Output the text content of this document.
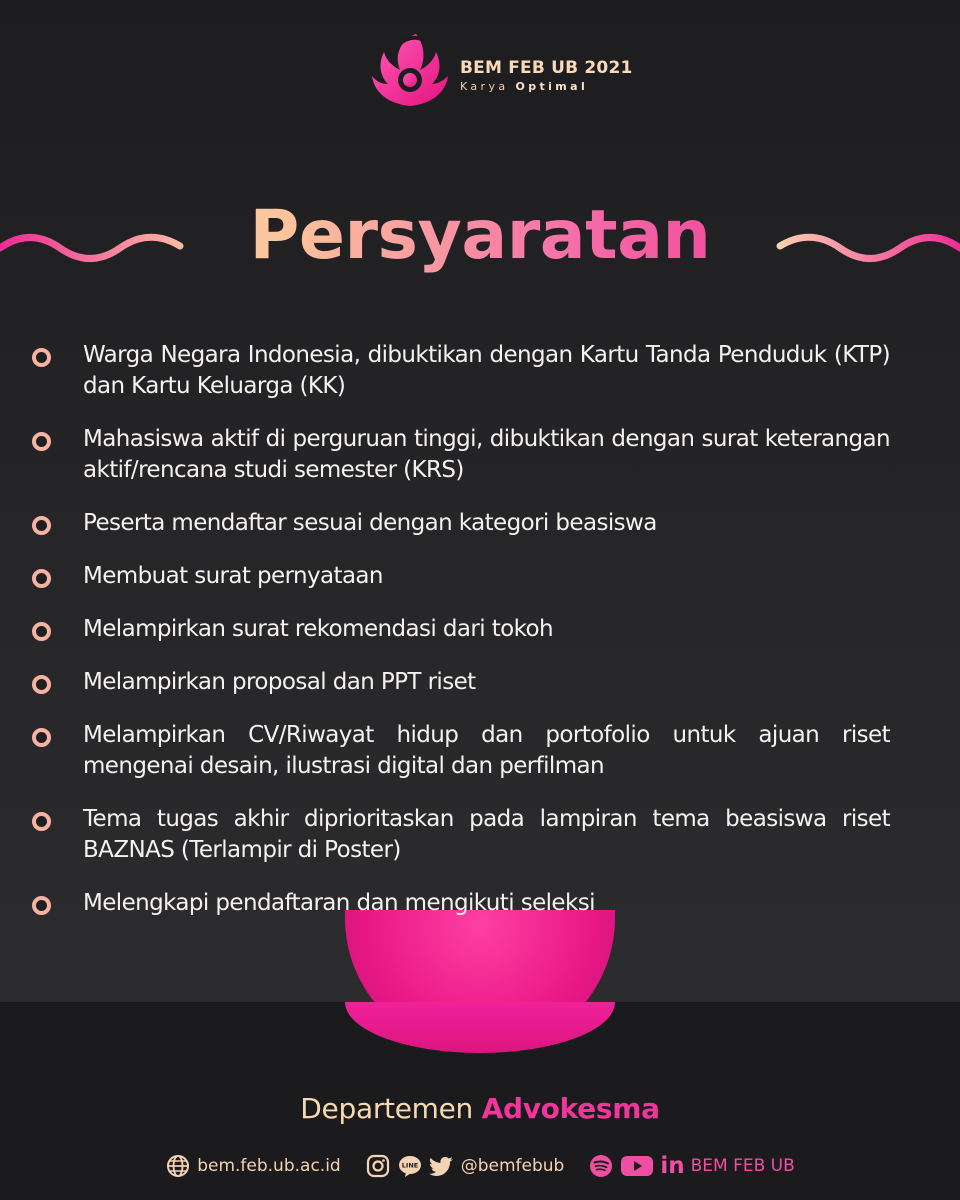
BEM FEB UB 2021
Karya Optimal
Persyaratan
Warga Negara Indonesia, dibuktikan dengan Kartu Tanda Penduduk (KTP) dan Kartu Keluarga (KK)
Mahasiswa aktif di perguruan tinggi, dibuktikan dengan surat keterangan aktif/rencana studi semester (KRS)
Peserta mendaftar sesuai dengan kategori beasiswa
Membuat surat pernyataan
Melampirkan surat rekomendasi dari tokoh
Melampirkan proposal dan PPT riset
Melampirkan CV/Riwayat hidup dan portofolio untuk ajuan riset mengenai desain, ilustrasi digital dan perfilman
Tema tugas akhir diprioritaskan pada lampiran tema beasiswa riset BAZNAS (Terlampir di Poster)
Melengkapi pendaftaran dan mengikuti seleksi
Departemen Advokesma
bem.feb.ub.ac.id	LINE	@bemfebub	in BEM FEB UB
